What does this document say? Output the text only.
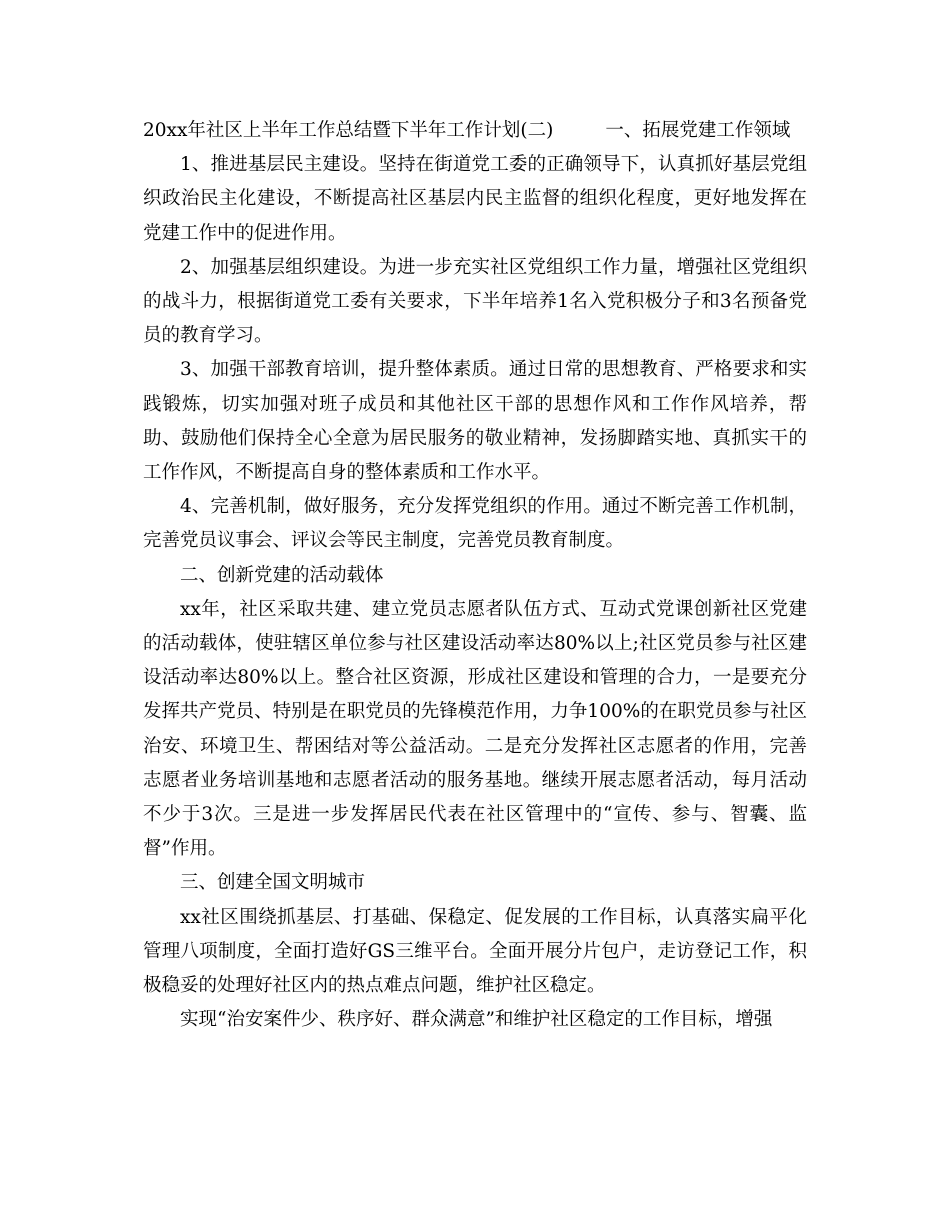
20xx年社区上半年工作总结暨下半年工作计划(二)	一、拓展党建工作领域

1、推进基层民主建设。坚持在街道党工委的正确领导下，认真抓好基层党组织政治民主化建设，不断提高社区基层内民主监督的组织化程度，更好地发挥在党建工作中的促进作用。

2、加强基层组织建设。为进一步充实社区党组织工作力量，增强社区党组织的战斗力，根据街道党工委有关要求，下半年培养1名入党积极分子和3名预备党员的教育学习。

3、加强干部教育培训，提升整体素质。通过日常的思想教育、严格要求和实践锻炼，切实加强对班子成员和其他社区干部的思想作风和工作作风培养，帮助、鼓励他们保持全心全意为居民服务的敬业精神，发扬脚踏实地、真抓实干的工作作风，不断提高自身的整体素质和工作水平。

4、完善机制，做好服务，充分发挥党组织的作用。通过不断完善工作机制，完善党员议事会、评议会等民主制度，完善党员教育制度。

二、创新党建的活动载体

xx年，社区采取共建、建立党员志愿者队伍方式、互动式党课创新社区党建的活动载体，使驻辖区单位参与社区建设活动率达80%以上;社区党员参与社区建设活动率达80%以上。整合社区资源，形成社区建设和管理的合力，一是要充分发挥共产党员、特别是在职党员的先锋模范作用，力争100%的在职党员参与社区治安、环境卫生、帮困结对等公益活动。二是充分发挥社区志愿者的作用，完善志愿者业务培训基地和志愿者活动的服务基地。继续开展志愿者活动，每月活动不少于3次。三是进一步发挥居民代表在社区管理中的“宣传、参与、智囊、监督”作用。

三、创建全国文明城市

xx社区围绕抓基层、打基础、保稳定、促发展的工作目标，认真落实扁平化管理八项制度，全面打造好GS三维平台。全面开展分片包户，走访登记工作，积极稳妥的处理好社区内的热点难点问题，维护社区稳定。

实现“治安案件少、秩序好、群众满意”和维护社区稳定的工作目标，增强
